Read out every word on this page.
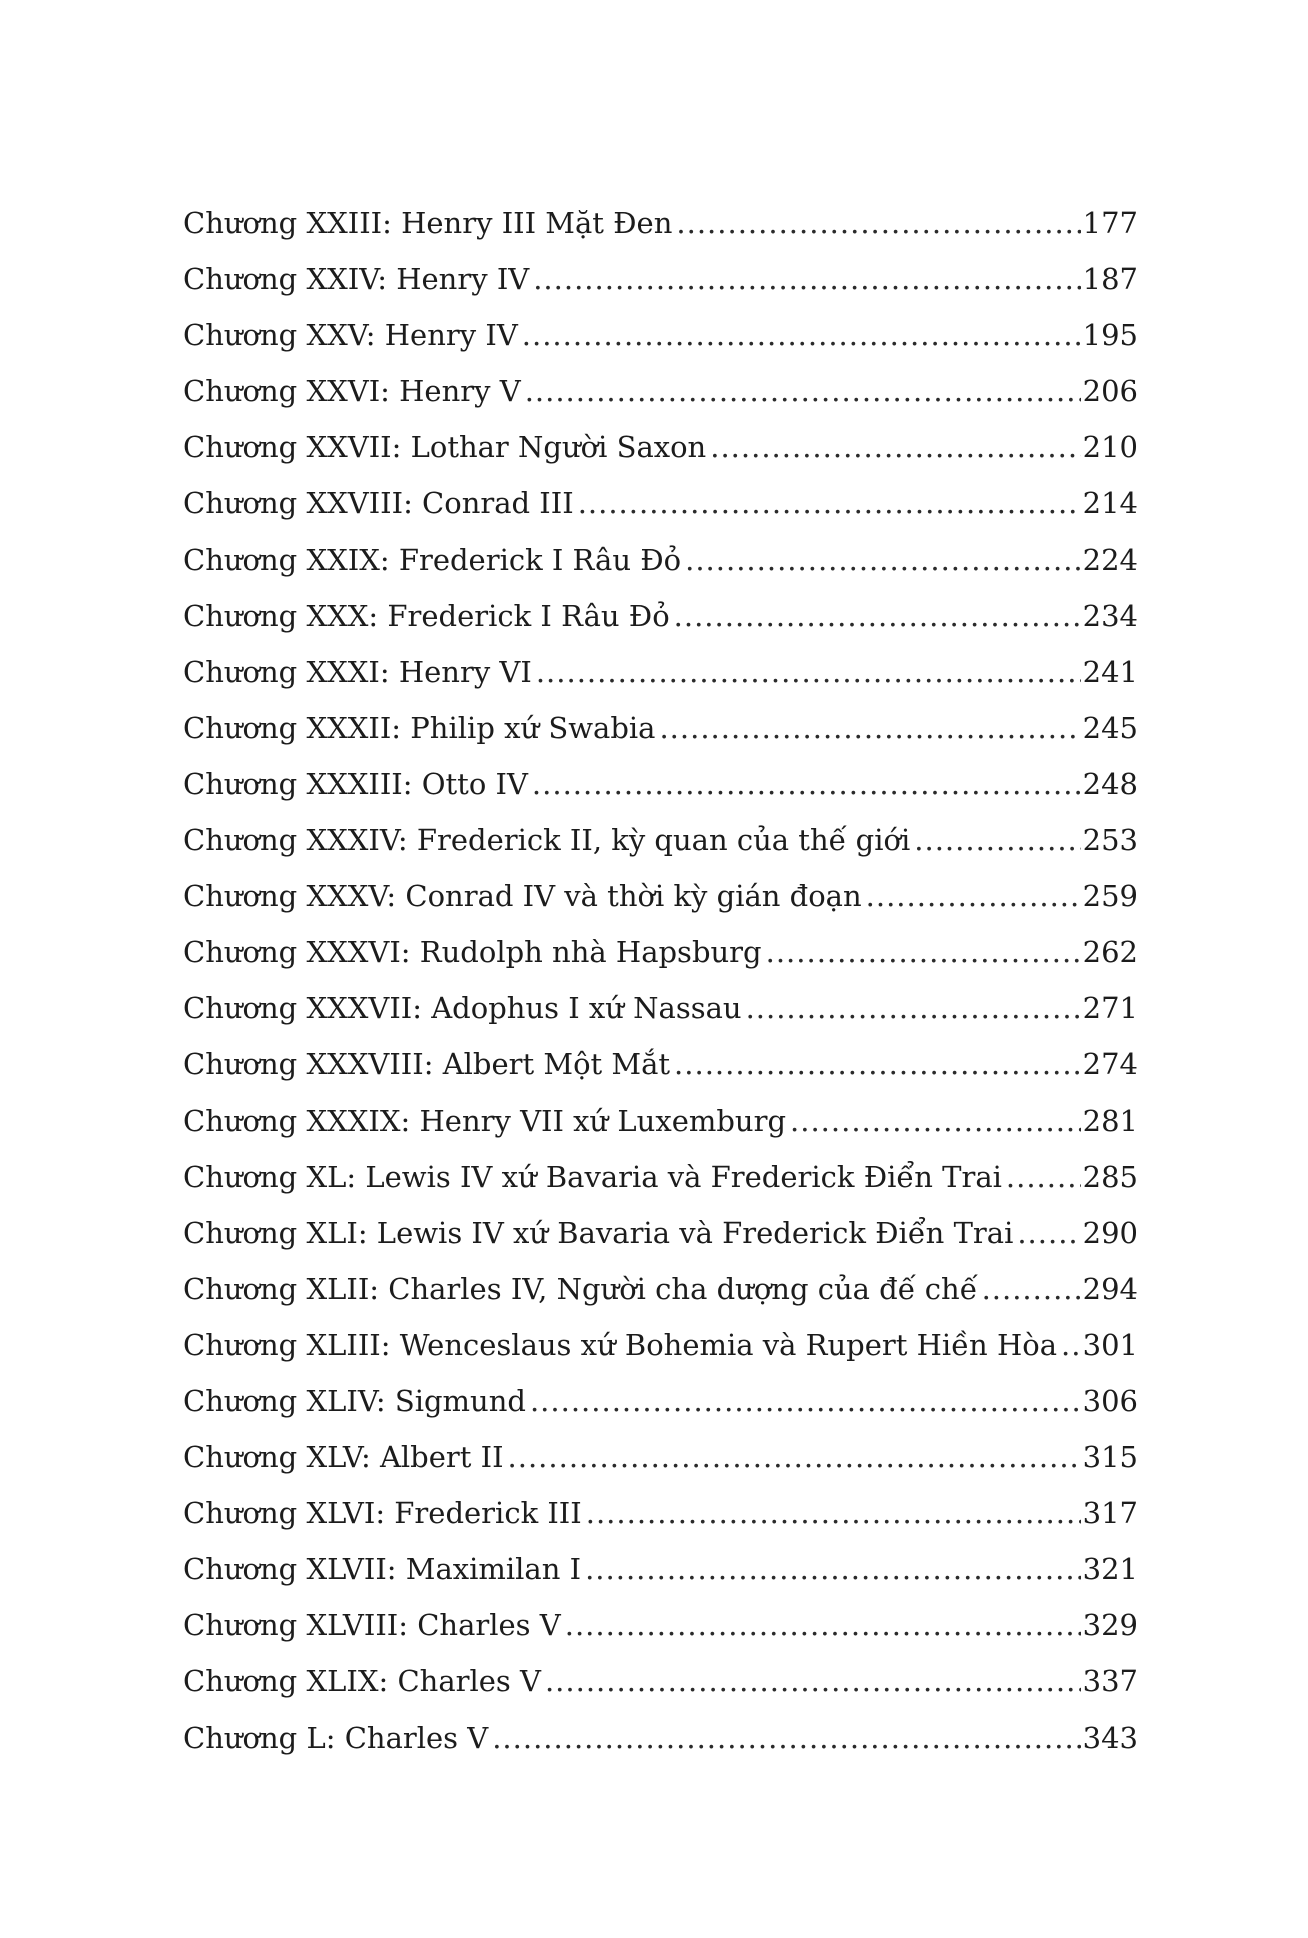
Chương XXIII: Henry III Mặt Đen .....	177
Chương XXIV: Henry IV .....	187
Chương XXV: Henry IV .....	195
Chương XXVI: Henry V .....	206
Chương XXVII: Lothar Người Saxon .....	210
Chương XXVIII: Conrad III .....	214
Chương XXIX: Frederick I Râu Đỏ .....	224
Chương XXX: Frederick I Râu Đỏ .....	234
Chương XXXI: Henry VI .....	241
Chương XXXII: Philip xứ Swabia .....	245
Chương XXXIII: Otto IV .....	248
Chương XXXIV: Frederick II, kỳ quan của thế giới .....	253
Chương XXXV: Conrad IV và thời kỳ gián đoạn .....	259
Chương XXXVI: Rudolph nhà Hapsburg .....	262
Chương XXXVII: Adophus I xứ Nassau .....	271
Chương XXXVIII: Albert Một Mắt .....	274
Chương XXXIX: Henry VII xứ Luxemburg .....	281
Chương XL: Lewis IV xứ Bavaria và Frederick Điển Trai .....	285
Chương XLI: Lewis IV xứ Bavaria và Frederick Điển Trai ..... 290
Chương XLII: Charles IV, Người cha dượng của đế chế .....	294
Chương XLIII: Wenceslaus xứ Bohemia và Rupert Hiền Hòa ..... 301
Chương XLIV: Sigmund .....	306
Chương XLV: Albert II .....	315
Chương XLVI: Frederick III .....	317
Chương XLVII: Maximilan I .....	321
Chương XLVIII: Charles V .....	329
Chương XLIX: Charles V .....	337
Chương L: Charles V .....	343
